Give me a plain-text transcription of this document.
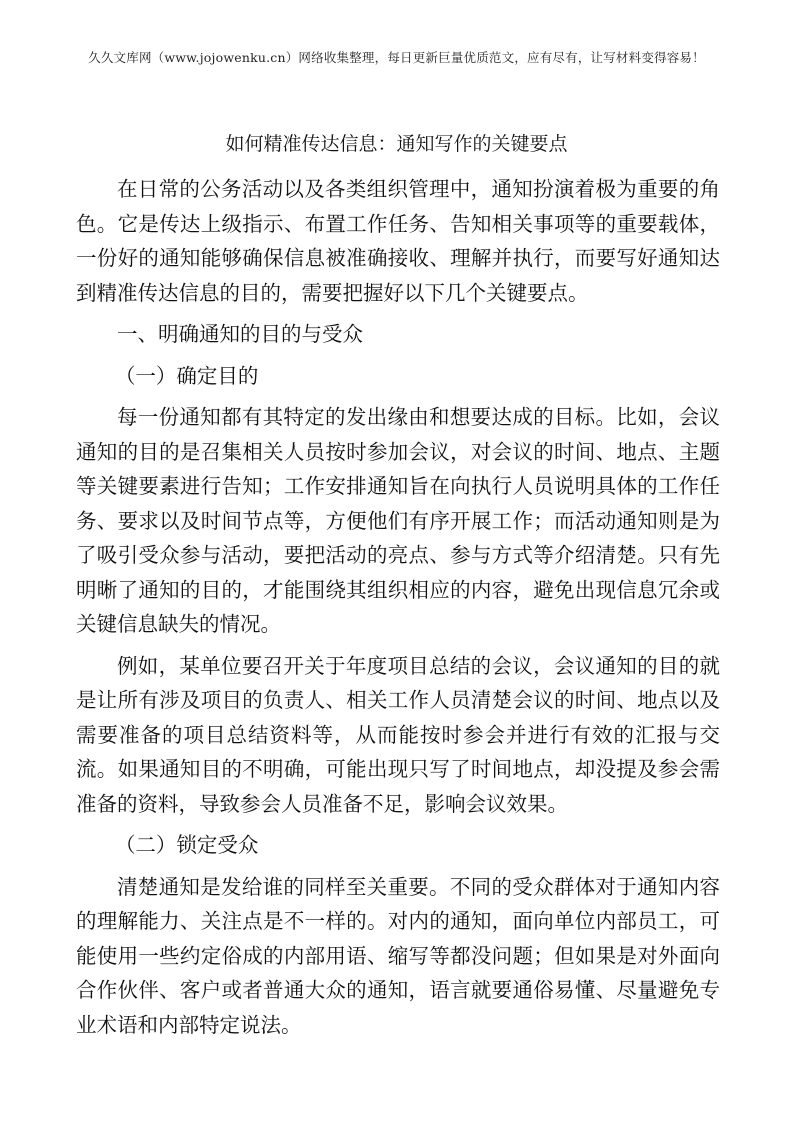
久久文库网（www.jojowenku.cn）网络收集整理，每日更新巨量优质范文，应有尽有，让写材料变得容易！
如何精准传达信息：通知写作的关键要点

在日常的公务活动以及各类组织管理中，通知扮演着极为重要的角色。它是传达上级指示、布置工作任务、告知相关事项等的重要载体，一份好的通知能够确保信息被准确接收、理解并执行，而要写好通知达到精准传达信息的目的，需要把握好以下几个关键要点。

一、明确通知的目的与受众

（一）确定目的

每一份通知都有其特定的发出缘由和想要达成的目标。比如，会议通知的目的是召集相关人员按时参加会议，对会议的时间、地点、主题等关键要素进行告知；工作安排通知旨在向执行人员说明具体的工作任务、要求以及时间节点等，方便他们有序开展工作；而活动通知则是为了吸引受众参与活动，要把活动的亮点、参与方式等介绍清楚。只有先明晰了通知的目的，才能围绕其组织相应的内容，避免出现信息冗余或关键信息缺失的情况。

例如，某单位要召开关于年度项目总结的会议，会议通知的目的就是让所有涉及项目的负责人、相关工作人员清楚会议的时间、地点以及需要准备的项目总结资料等，从而能按时参会并进行有效的汇报与交流。如果通知目的不明确，可能出现只写了时间地点，却没提及参会需准备的资料，导致参会人员准备不足，影响会议效果。

（二）锁定受众

清楚通知是发给谁的同样至关重要。不同的受众群体对于通知内容的理解能力、关注点是不一样的。对内的通知，面向单位内部员工，可能使用一些约定俗成的内部用语、缩写等都没问题；但如果是对外面向合作伙伴、客户或者普通大众的通知，语言就要通俗易懂、尽量避免专业术语和内部特定说法。
